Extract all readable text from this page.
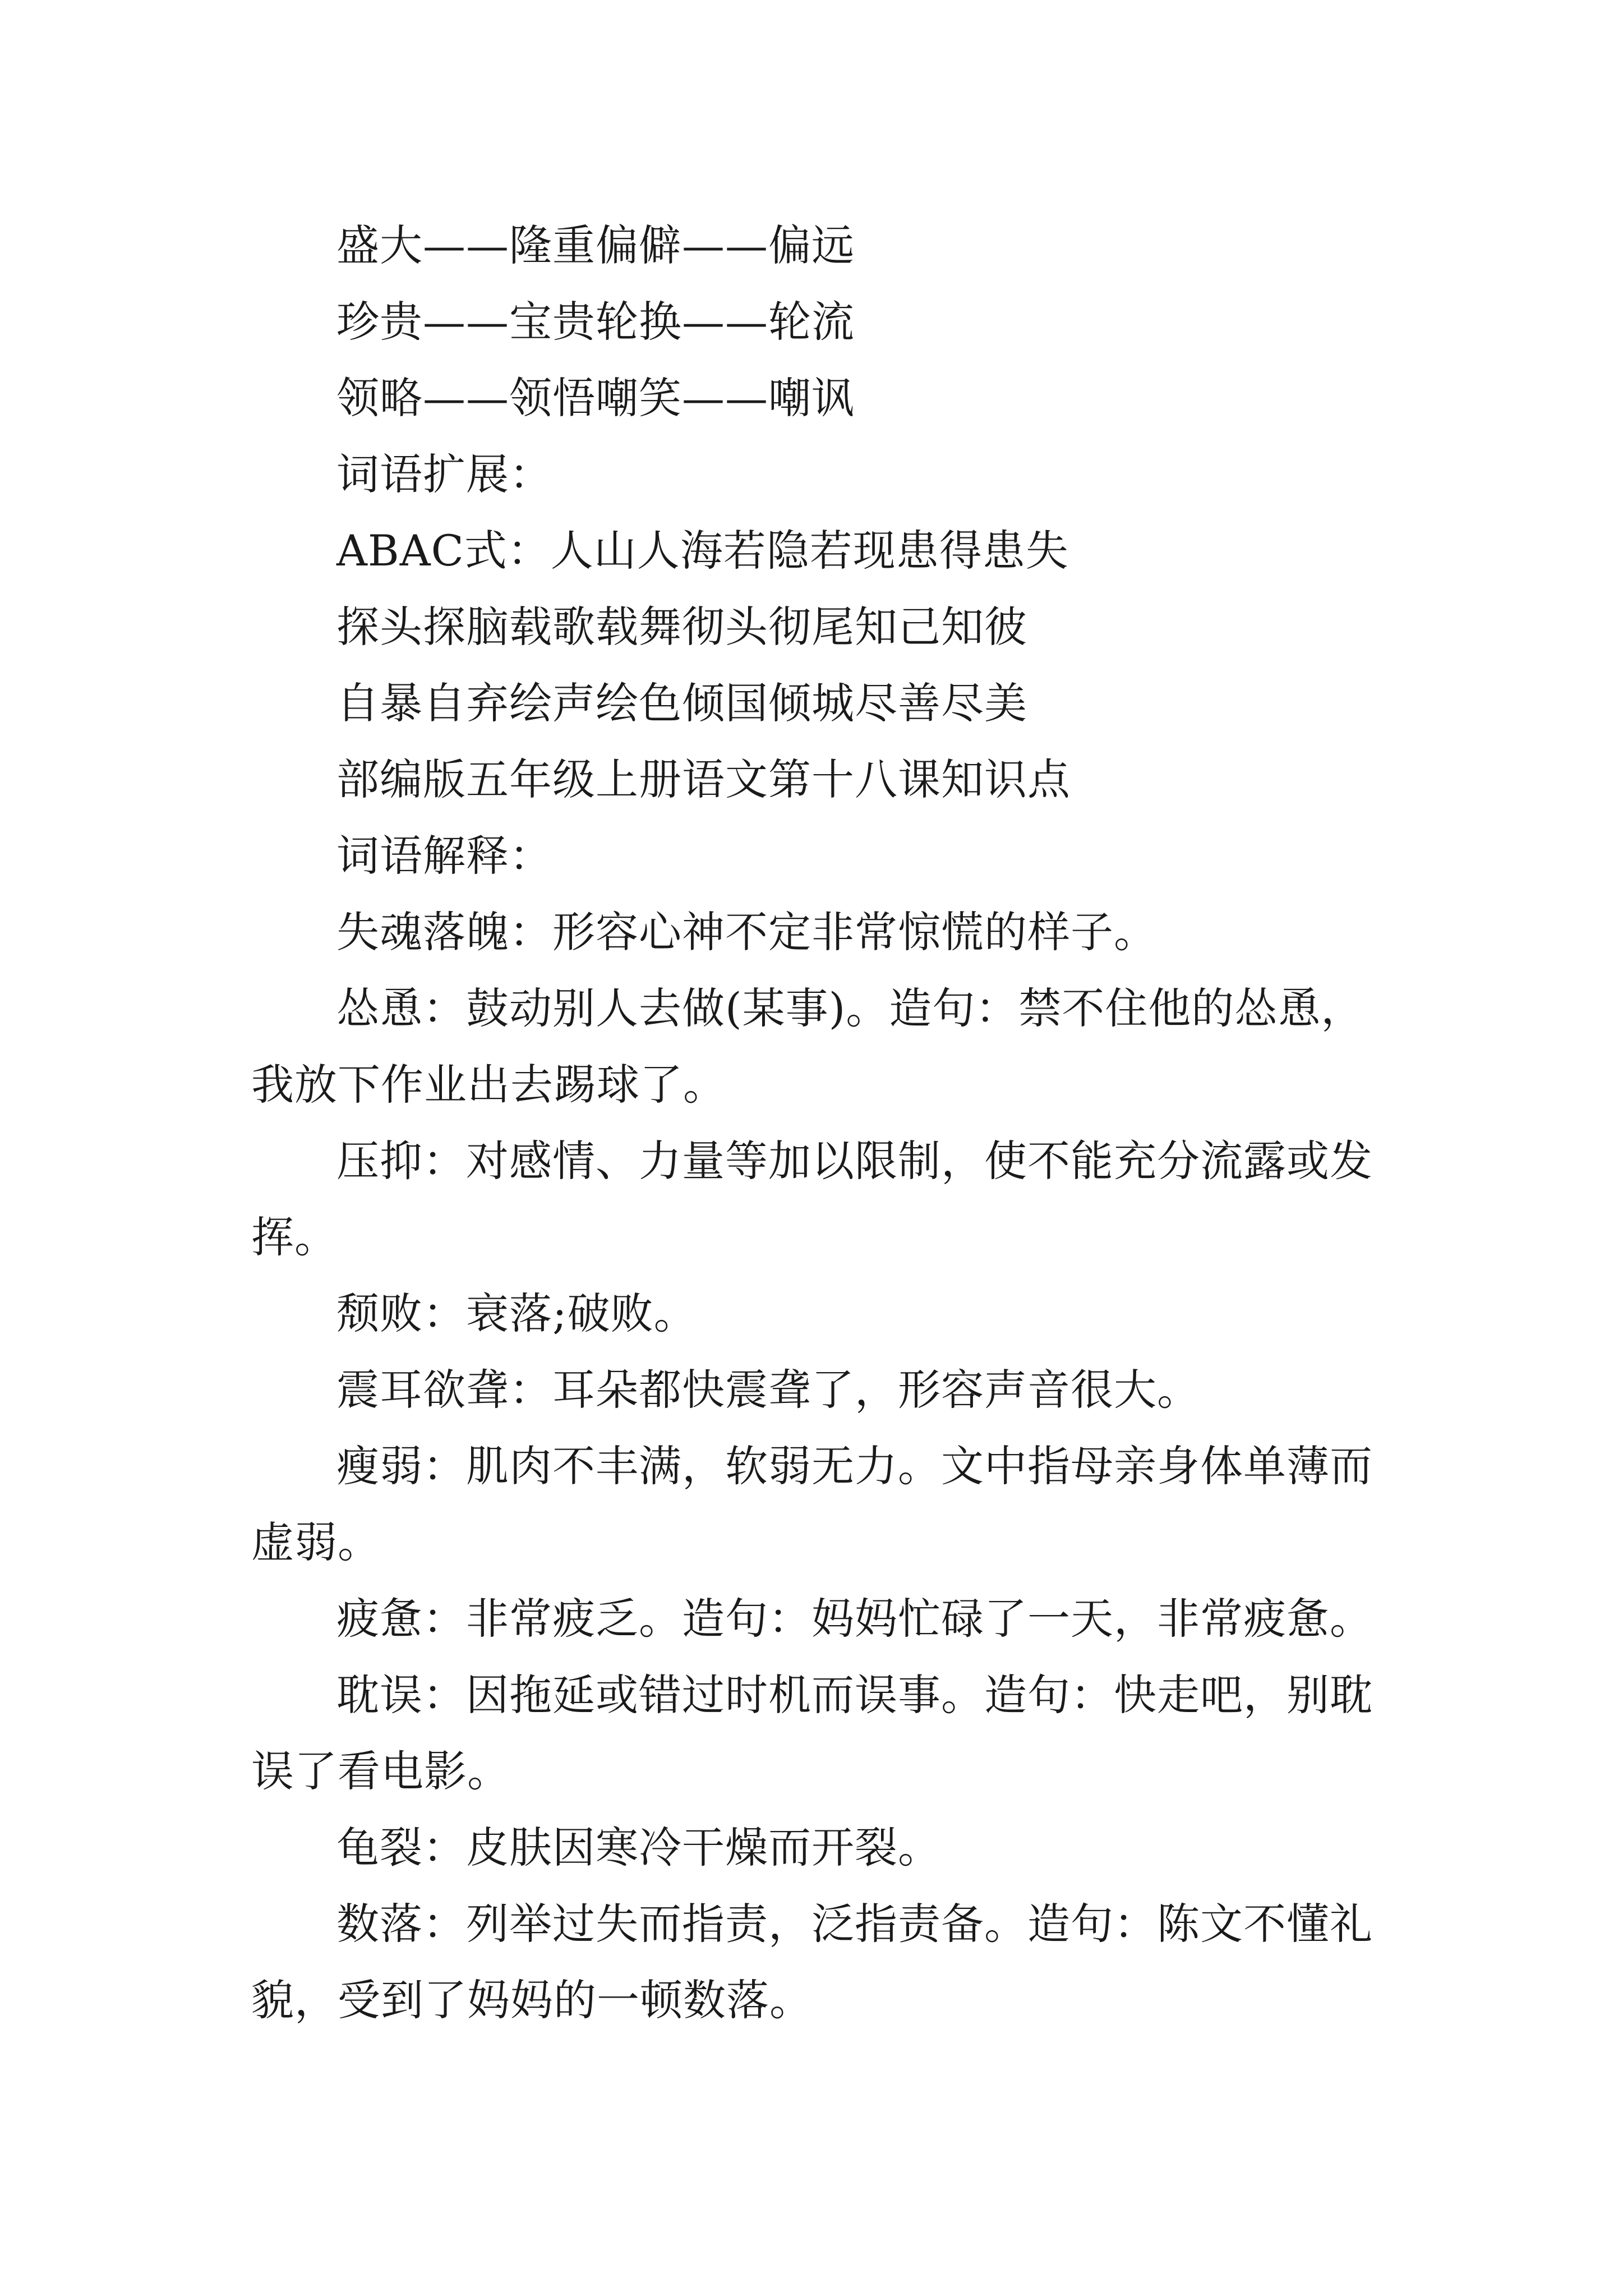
盛大——隆重偏僻——偏远

珍贵——宝贵轮换——轮流

领略——领悟嘲笑——嘲讽

词语扩展：

ABAC式：人山人海若隐若现患得患失

探头探脑载歌载舞彻头彻尾知己知彼

自暴自弃绘声绘色倾国倾城尽善尽美

部编版五年级上册语文第十八课知识点

词语解释：

失魂落魄：形容心神不定非常惊慌的样子。

怂恿：鼓动别人去做(某事)。造句：禁不住他的怂恿，我放下作业出去踢球了。

压抑：对感情、力量等加以限制，使不能充分流露或发挥。

颓败：衰落;破败。

震耳欲聋：耳朵都快震聋了，形容声音很大。

瘦弱：肌肉不丰满，软弱无力。文中指母亲身体单薄而虚弱。

疲惫：非常疲乏。造句：妈妈忙碌了一天，非常疲惫。

耽误：因拖延或错过时机而误事。造句：快走吧，别耽误了看电影。

龟裂：皮肤因寒冷干燥而开裂。

数落：列举过失而指责，泛指责备。造句：陈文不懂礼貌，受到了妈妈的一顿数落。
